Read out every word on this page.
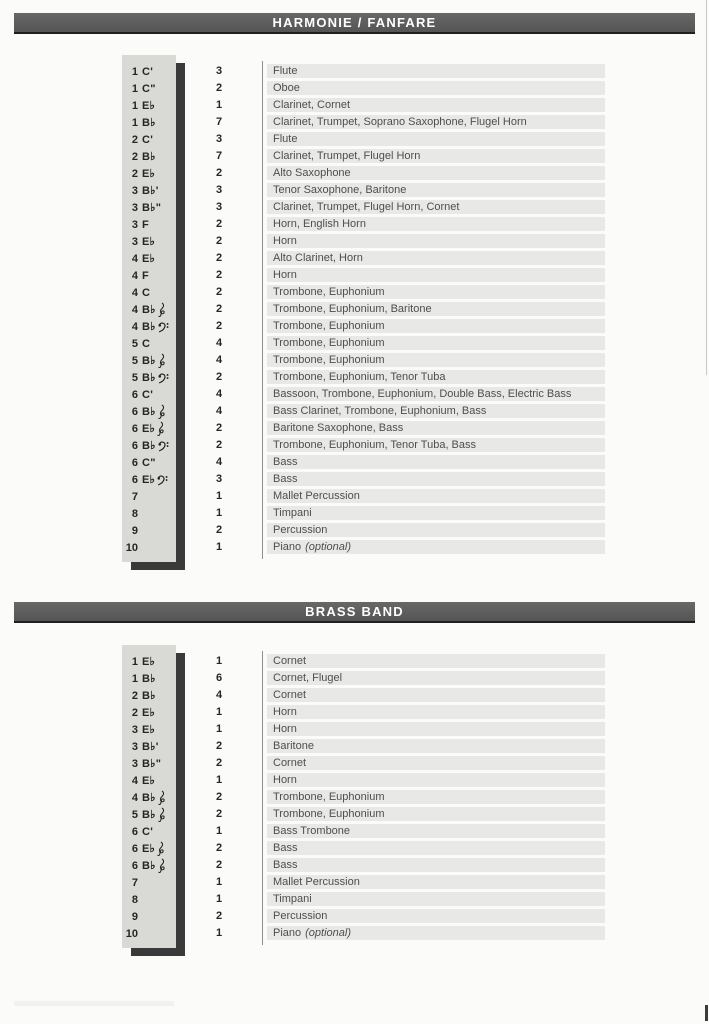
HARMONIE / FANFARE
1 C'	3	Flute
1 C"	2	Oboe
1 E♭	1	Clarinet, Cornet
1 B♭	7	Clarinet, Trumpet, Soprano Saxophone, Flugel Horn
2 C'	3	Flute
2 B♭	7	Clarinet, Trumpet, Flugel Horn
2 E♭	2	Alto Saxophone
3 B♭'	3	Tenor Saxophone, Baritone
3 B♭"	3	Clarinet, Trumpet, Flugel Horn, Cornet
3 F	2	Horn, English Horn
3 E♭	2	Horn
4 E♭	2	Alto Clarinet, Horn
4 F	2	Horn
4 C	2	Trombone, Euphonium
4 B♭	2	Trombone, Euphonium, Baritone
4 B♭	2	Trombone, Euphonium
5 C	4	Trombone, Euphonium
5 B♭	4	Trombone, Euphonium
5 B♭	2	Trombone, Euphonium, Tenor Tuba
6 C'	4	Bassoon, Trombone, Euphonium, Double Bass, Electric Bass
6 B♭	4	Bass Clarinet, Trombone, Euphonium, Bass
6 E♭	2	Baritone Saxophone, Bass
6 B♭	2	Trombone, Euphonium, Tenor Tuba, Bass
6 C"	4	Bass
6 E♭	3	Bass
7	1	Mallet Percussion
8	1	Timpani
9	2	Percussion
10	1	Piano (optional)
BRASS BAND
1 E♭	1	Cornet
1 B♭	6	Cornet, Flugel
2 B♭	4	Cornet
2 E♭	1	Horn
3 E♭	1	Horn
3 B♭'	2	Baritone
3 B♭"	2	Cornet
4 E♭	1	Horn
4 B♭	2	Trombone, Euphonium
5 B♭	2	Trombone, Euphonium
6 C'	1	Bass Trombone
6 E♭	2	Bass
6 B♭	2	Bass
7	1	Mallet Percussion
8	1	Timpani
9	2	Percussion
10	1	Piano (optional)
